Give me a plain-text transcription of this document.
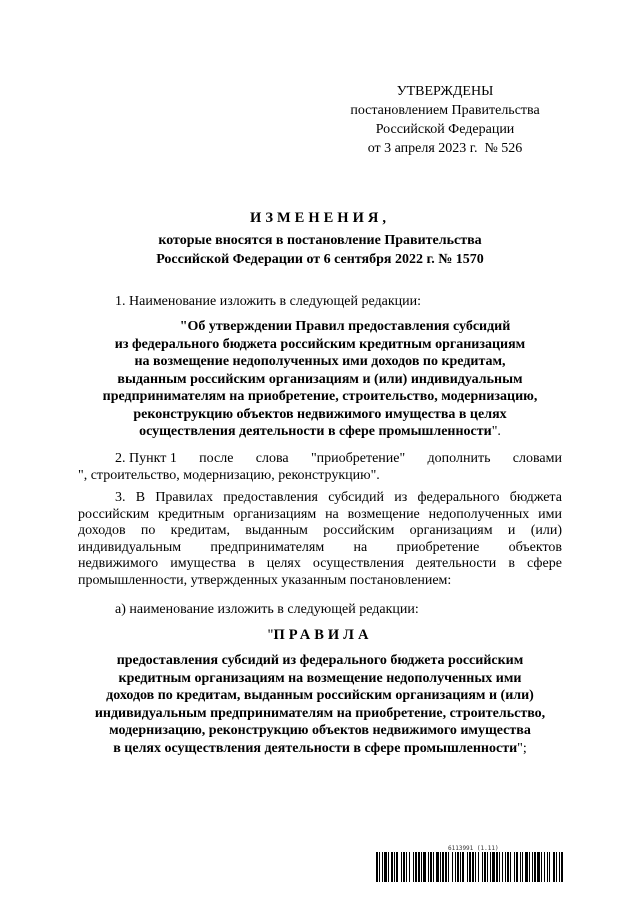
УТВЕРЖДЕНЫ
постановлением Правительства
Российской Федерации
от 3 апреля 2023 г.  № 526
ИЗМЕНЕНИЯ,
которые вносятся в постановление Правительства
Российской Федерации от 6 сентября 2022 г. № 1570
1. Наименование изложить в следующей редакции:
"Об утверждении Правил предоставления субсидий
из федерального бюджета российским кредитным организациям
на возмещение недополученных ими доходов по кредитам,
выданным российским организациям и (или) индивидуальным
предпринимателям на приобретение, строительство, модернизацию,
реконструкцию объектов недвижимого имущества в целях
осуществления деятельности в сфере промышленности".
2. Пункт 1 после слова "приобретение" дополнить словами
", строительство, модернизацию, реконструкцию".
3. В Правилах предоставления субсидий из федерального бюджета
российским кредитным организациям на возмещение недополученных ими
доходов по кредитам, выданным российским организациям и (или)
индивидуальным предпринимателям на приобретение объектов
недвижимого имущества в целях осуществления деятельности в сфере
промышленности, утвержденных указанным постановлением:
а) наименование изложить в следующей редакции:
"ПРАВИЛА
предоставления субсидий из федерального бюджета российским
кредитным организациям на возмещение недополученных ими
доходов по кредитам, выданным российским организациям и (или)
индивидуальным предпринимателям на приобретение, строительство,
модернизацию, реконструкцию объектов недвижимого имущества
в целях осуществления деятельности в сфере промышленности";
6113991 (1.11)
